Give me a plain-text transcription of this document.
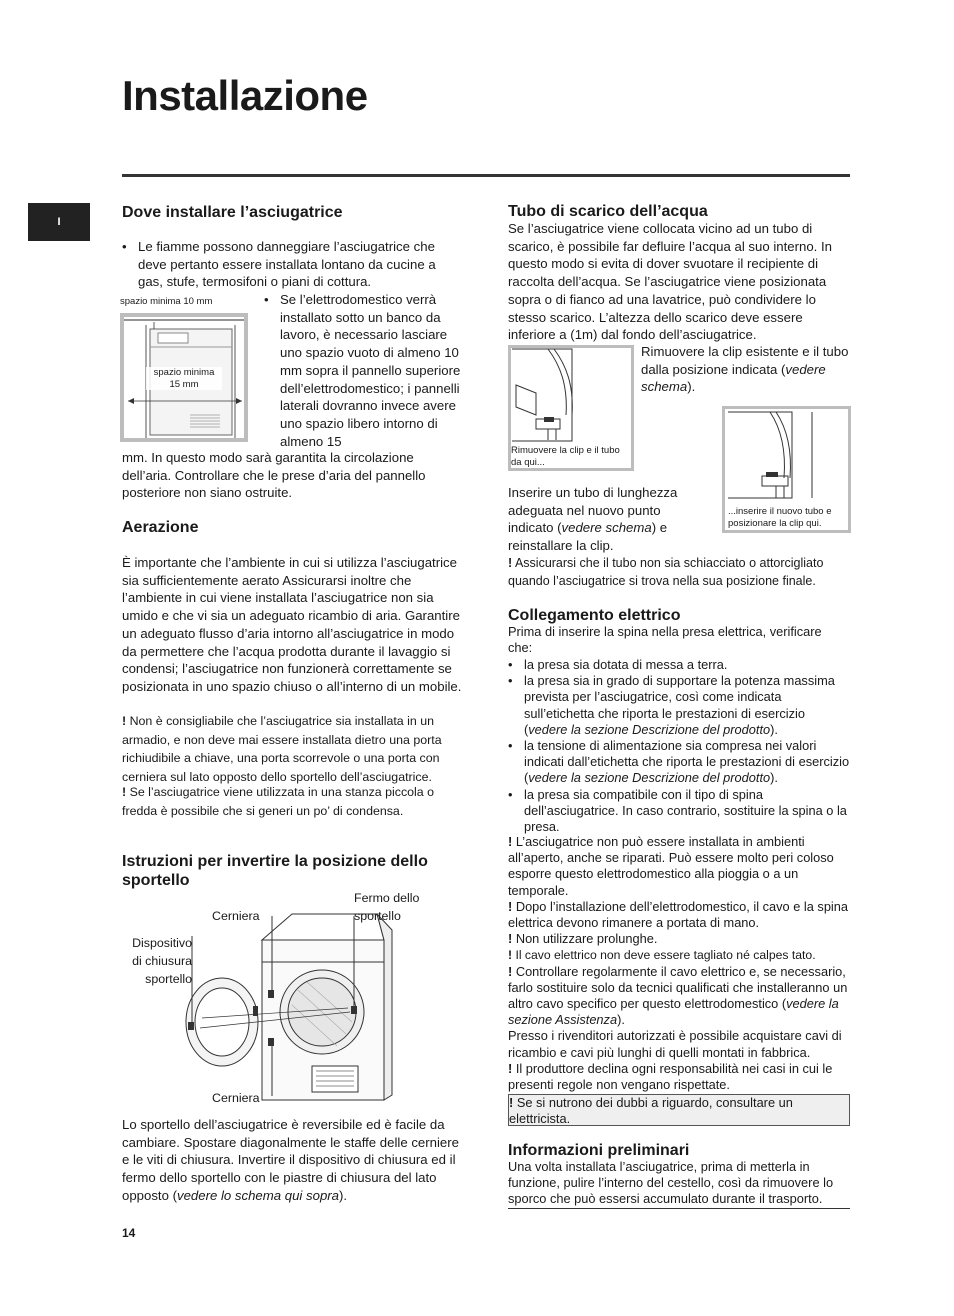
Installazione
I
Dove installare l’asciugatrice
• Le fiamme possono danneggiare l’asciugatrice che deve pertanto essere installata lontano da cucine a gas, stufe, termosifoni o piani di cottura.
spazio minima 10 mm
spazio minima
15 mm
• Se l’elettrodomestico verrà installato sotto un banco da lavoro, è necessario lasciare uno spazio vuoto di almeno 10 mm sopra il pannello superiore dell’elettrodomestico; i pannelli laterali dovranno invece avere uno spazio libero intorno di almeno 15
mm. In questo modo sarà garantita la circolazione dell’aria. Controllare che le prese d’aria del pannello posteriore non siano ostruite.
Aerazione
È importante che l’ambiente in cui si utilizza l’asciugatrice sia sufficientemente aerato Assicurarsi inoltre che l’ambiente in cui viene installata l’asciugatrice non sia umido e che vi sia un adeguato ricambio di aria. Garantire un adeguato flusso d’aria intorno all’asciugatrice in modo da permettere che l’acqua prodotta durante il lavaggio si condensi; l’asciugatrice non funzionerà correttamente se posizionata in uno spazio chiuso o all’interno di un mobile.
! Non è consigliabile che l’asciugatrice sia installata in un armadio, e non deve mai essere installata dietro una porta richiudibile a chiave, una porta scorrevole o una porta con cerniera sul lato opposto dello sportello dell’asciugatrice.
! Se l’asciugatrice viene utilizzata in una stanza piccola o fredda è possibile che si generi un po’ di condensa.
Istruzioni per invertire la posizione dello sportello
Cerniera
Fermo dello
sportello
Dispositivo
di chiusura
sportello
Cerniera
Lo sportello dell’asciugatrice è reversibile ed è facile da cambiare. Spostare diagonalmente le staffe delle cerniere e le viti di chiusura. Invertire il dispositivo di chiusura ed il fermo dello sportello con le piastre di chiusura del lato opposto (vedere lo schema qui sopra).
Tubo di scarico dell’acqua
Se l’asciugatrice viene collocata vicino ad un tubo di scarico, è possibile far defluire l’acqua al suo interno. In questo modo si evita di dover svuotare il recipiente di raccolta dell’acqua. Se l’asciugatrice viene posizionata sopra o di fianco ad una lavatrice, può condividere lo stesso scarico. L’altezza dello scarico deve essere inferiore a (1m) dal fondo dell’asciugatrice.
Rimuovere la clip e il tubo da qui...
Rimuovere la clip esistente e il tubo dalla posizione indicata (vedere schema).
...inserire il nuovo tubo e posizionare la clip qui.
Inserire un tubo di lunghezza adeguata nel nuovo punto indicato (vedere schema) e reinstallare la clip.
! Assicurarsi che il tubo non sia schiacciato o attorcigliato quando l’asciugatrice si trova nella sua posizione finale.
Collegamento elettrico
Prima di inserire la spina nella presa elettrica, verificare che:
• la presa sia dotata di messa a terra.
• la presa sia in grado di supportare la potenza massima prevista per l’asciugatrice, così come indicata sull’etichetta che riporta le prestazioni di esercizio (vedere la sezione Descrizione del prodotto).
• la tensione di alimentazione sia compresa nei valori indicati dall’etichetta che riporta le prestazioni di esercizio (vedere la sezione Descrizione del prodotto).
• la presa sia compatibile con il tipo di spina dell’asciugatrice. In caso contrario, sostituire la spina o la presa.
! L’asciugatrice non può essere installata in ambienti all’aperto, anche se riparati. Può essere molto peri coloso esporre questo elettrodomestico alla pioggia o a un temporale.
! Dopo l’installazione dell’elettrodomestico, il cavo e la spina elettrica devono rimanere a portata di mano.
! Non utilizzare prolunghe.
! Il cavo elettrico non deve essere tagliato né calpes tato.
! Controllare regolarmente il cavo elettrico e, se necessario, farlo sostituire solo da tecnici qualificati che installeranno un altro cavo specifico per questo elettrodomestico (vedere la sezione Assistenza).
Presso i rivenditori autorizzati è possibile acquistare cavi di ricambio e cavi più lunghi di quelli montati in fabbrica.
! Il produttore declina ogni responsabilità nei casi in cui le presenti regole non vengano rispettate.
! Se si nutrono dei dubbi a riguardo, consultare un elettricista.
Informazioni preliminari
Una volta installata l’asciugatrice, prima di metterla in funzione, pulire l’interno del cestello, così da rimuovere lo sporco che può essersi accumulato durante il trasporto.
14
